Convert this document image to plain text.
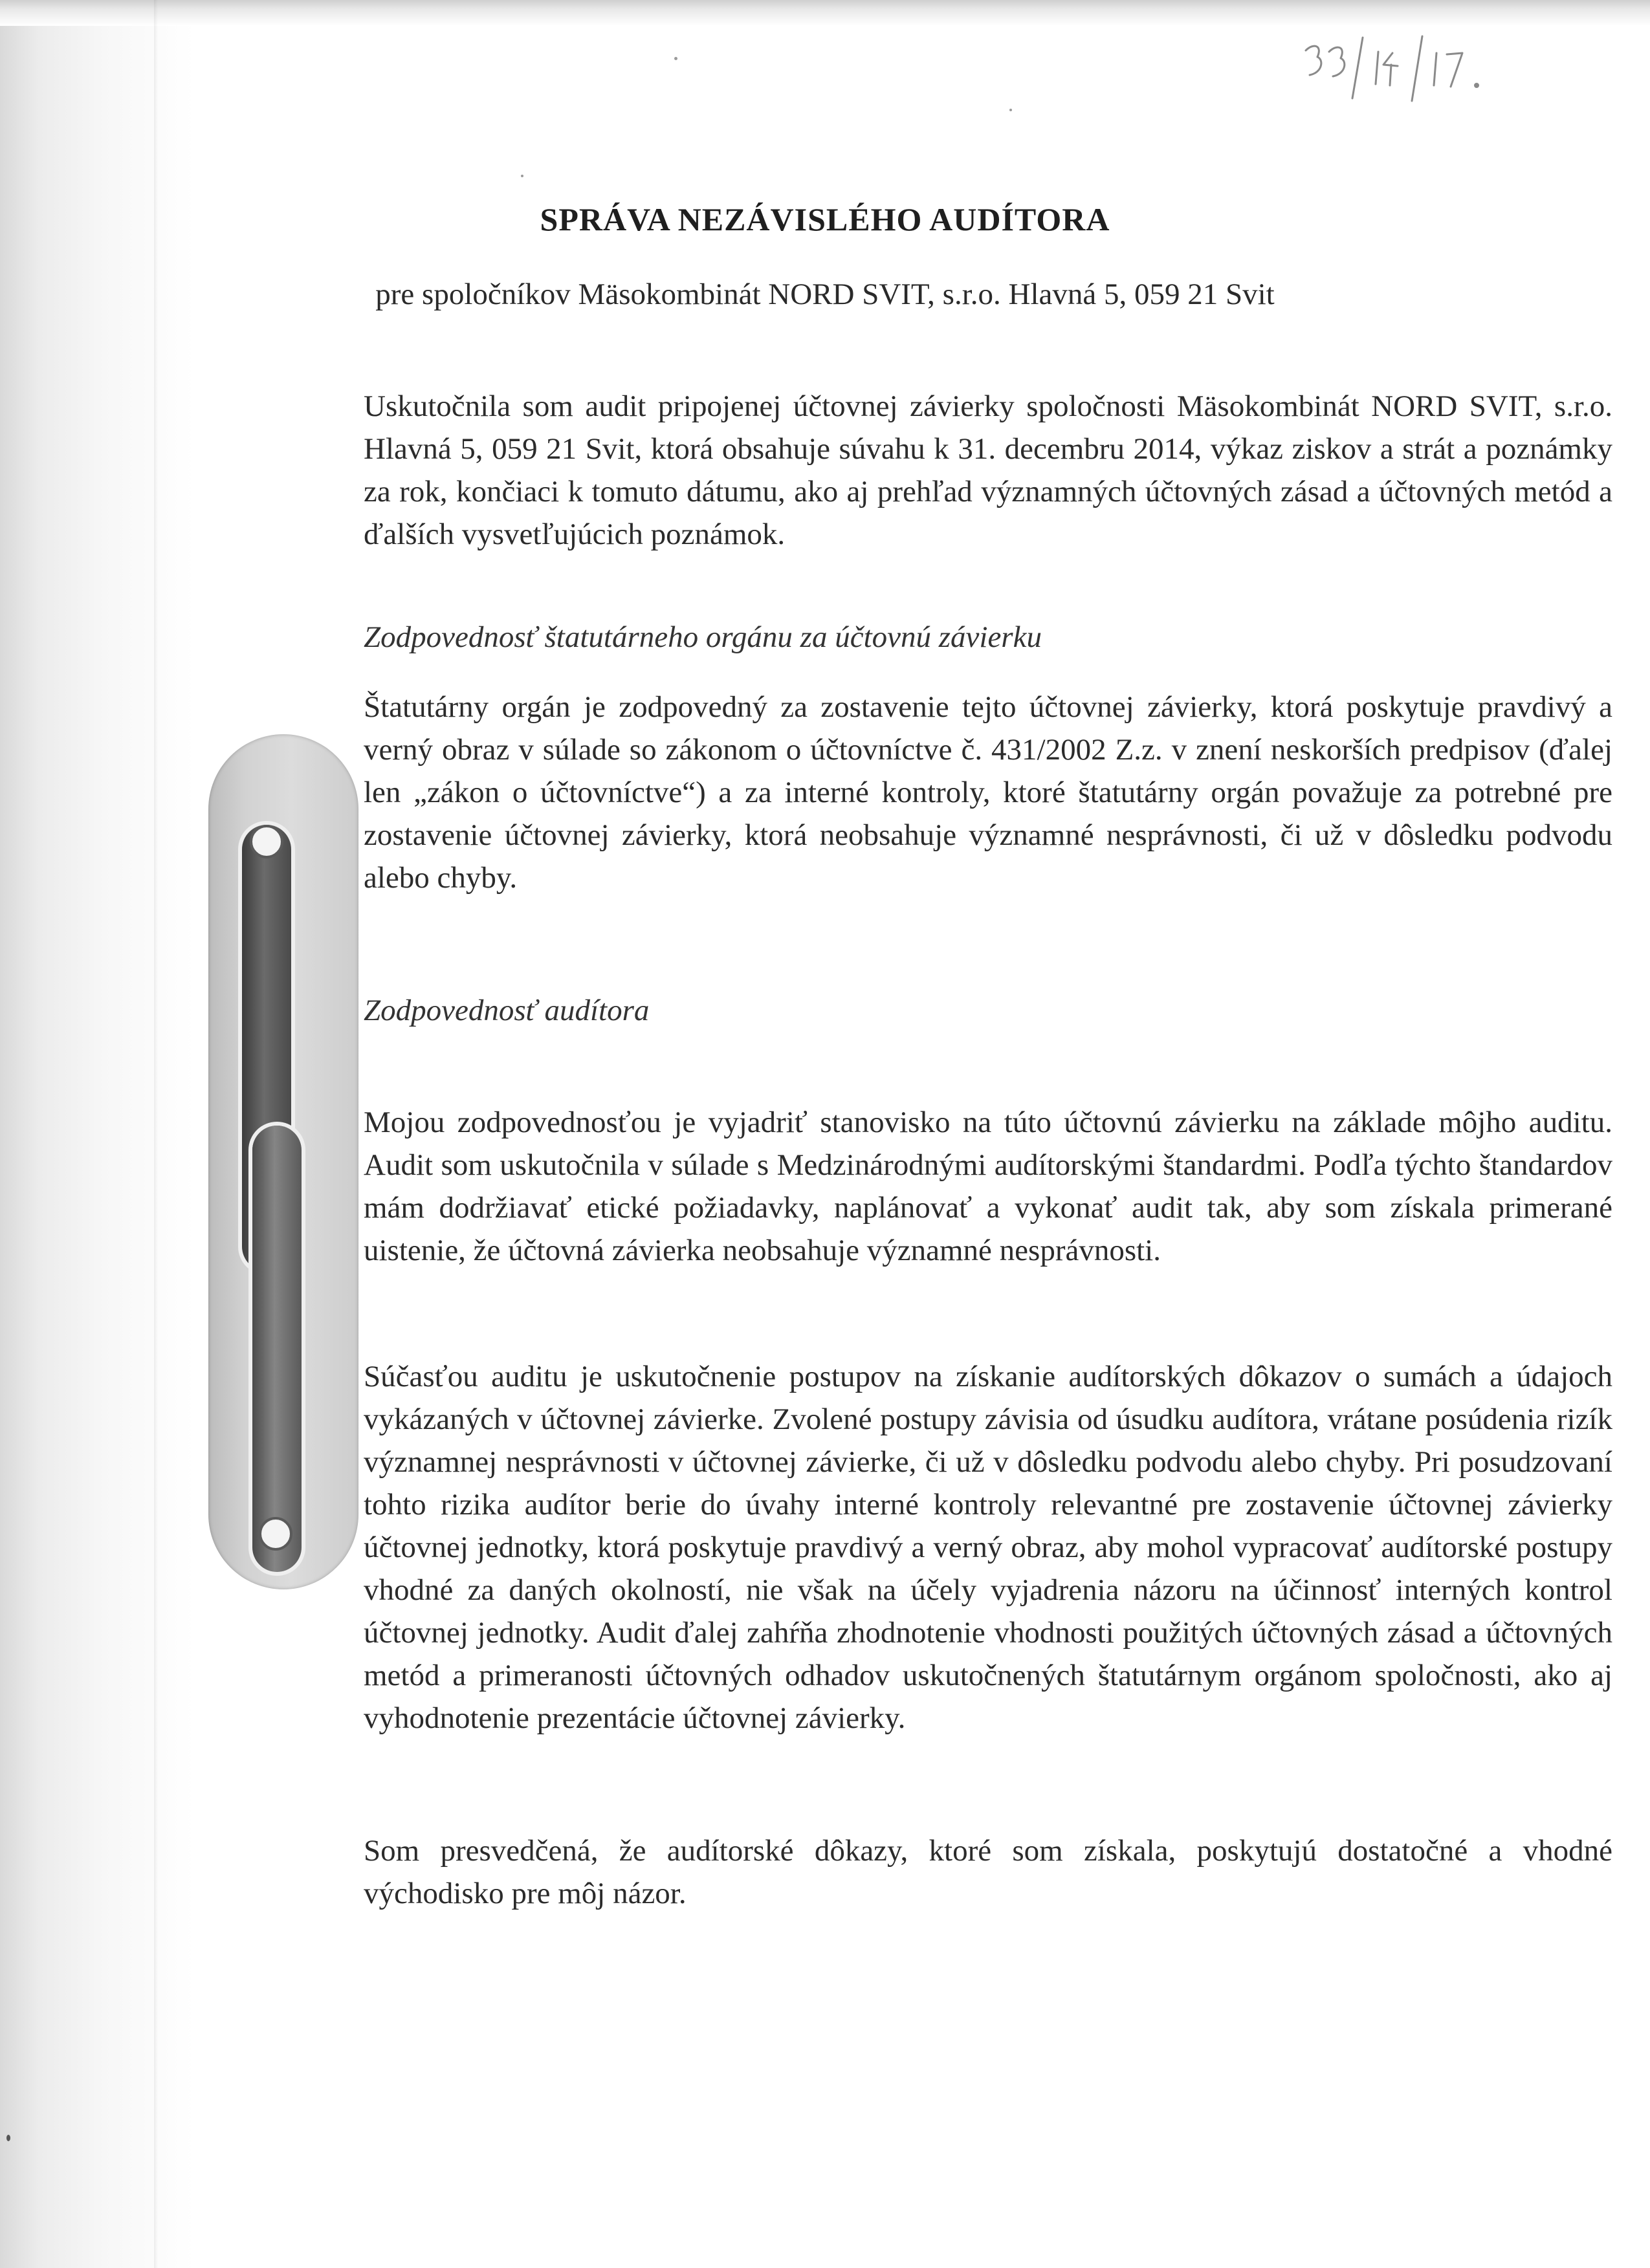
SPRÁVA NEZÁVISLÉHO AUDÍTORA
pre spoločníkov Mäsokombinát NORD SVIT, s.r.o. Hlavná 5, 059 21 Svit

Uskutočnila som audit pripojenej účtovnej závierky spoločnosti Mäsokombinát NORD SVIT, s.r.o. Hlavná 5, 059 21 Svit, ktorá obsahuje súvahu k 31. decembru 2014, výkaz ziskov a strát a poznámky za rok, končiaci k tomuto dátumu, ako aj prehľad významných účtovných zásad a účtovných metód a ďalších vysvetľujúcich poznámok.

Zodpovednosť štatutárneho orgánu za účtovnú závierku

Štatutárny orgán je zodpovedný za zostavenie tejto účtovnej závierky, ktorá poskytuje pravdivý a verný obraz v súlade so zákonom o účtovníctve č. 431/2002 Z.z. v znení neskorších predpisov (ďalej len „zákon o účtovníctve“) a za interné kontroly, ktoré štatutárny orgán považuje za potrebné pre zostavenie účtovnej závierky, ktorá neobsahuje významné nesprávnosti, či už v dôsledku podvodu alebo chyby.

Zodpovednosť audítora

Mojou zodpovednosťou je vyjadriť stanovisko na túto účtovnú závierku na základe môjho auditu. Audit som uskutočnila v súlade s Medzinárodnými audítorskými štandardmi. Podľa týchto štandardov mám dodržiavať etické požiadavky, naplánovať a vykonať audit tak, aby som získala primerané uistenie, že účtovná závierka neobsahuje významné nesprávnosti.

Súčasťou auditu je uskutočnenie postupov na získanie audítorských dôkazov o sumách a údajoch vykázaných v účtovnej závierke. Zvolené postupy závisia od úsudku audítora, vrátane posúdenia rizík významnej nesprávnosti v účtovnej závierke, či už v dôsledku podvodu alebo chyby. Pri posudzovaní tohto rizika audítor berie do úvahy interné kontroly relevantné pre zostavenie účtovnej závierky účtovnej jednotky, ktorá poskytuje pravdivý a verný obraz, aby mohol vypracovať audítorské postupy vhodné za daných okolností, nie však na účely vyjadrenia názoru na účinnosť interných kontrol účtovnej jednotky. Audit ďalej zahŕňa zhodnotenie vhodnosti použitých účtovných zásad a účtovných metód a primeranosti účtovných odhadov uskutočnených štatutárnym orgánom spoločnosti, ako aj vyhodnotenie prezentácie účtovnej závierky.

Som presvedčená, že audítorské dôkazy, ktoré som získala, poskytujú dostatočné a vhodné východisko pre môj názor.
